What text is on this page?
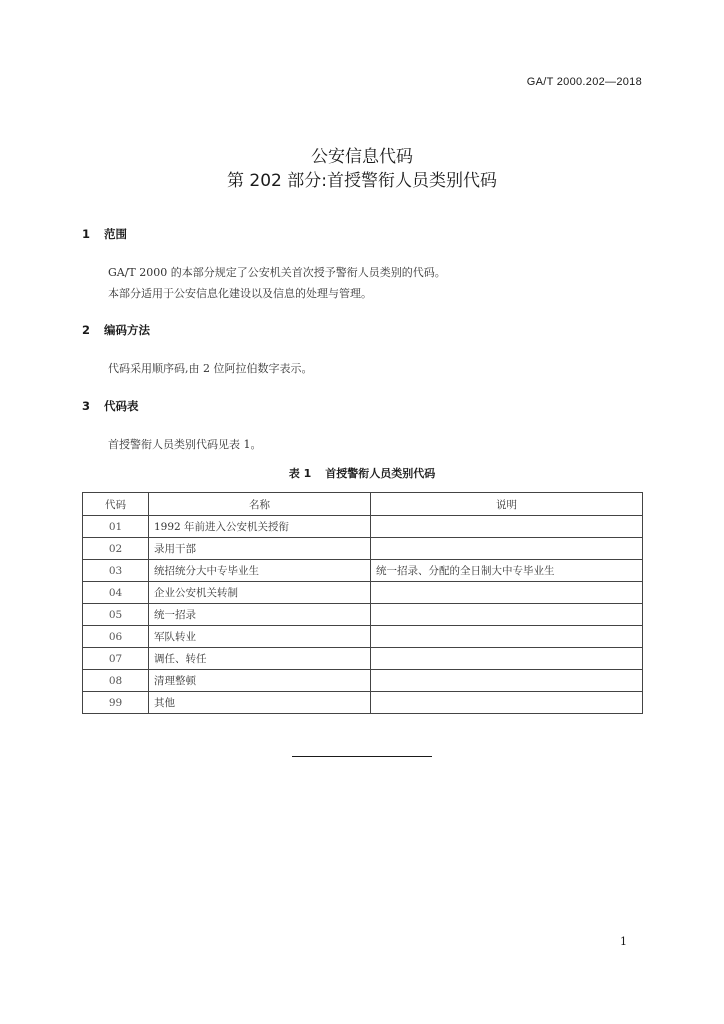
GA/T 2000.202—2018
公安信息代码
第 202 部分:首授警衔人员类别代码
1 范围
GA/T 2000 的本部分规定了公安机关首次授予警衔人员类别的代码。
本部分适用于公安信息化建设以及信息的处理与管理。
2 编码方法
代码采用顺序码,由 2 位阿拉伯数字表示。
3 代码表
首授警衔人员类别代码见表 1。
表 1 首授警衔人员类别代码
代码	名称	说明
01	1992 年前进入公安机关授衔	
02	录用干部	
03	统招统分大中专毕业生	统一招录、分配的全日制大中专毕业生
04	企业公安机关转制	
05	统一招录	
06	军队转业	
07	调任、转任	
08	清理整顿	
99	其他	
1
